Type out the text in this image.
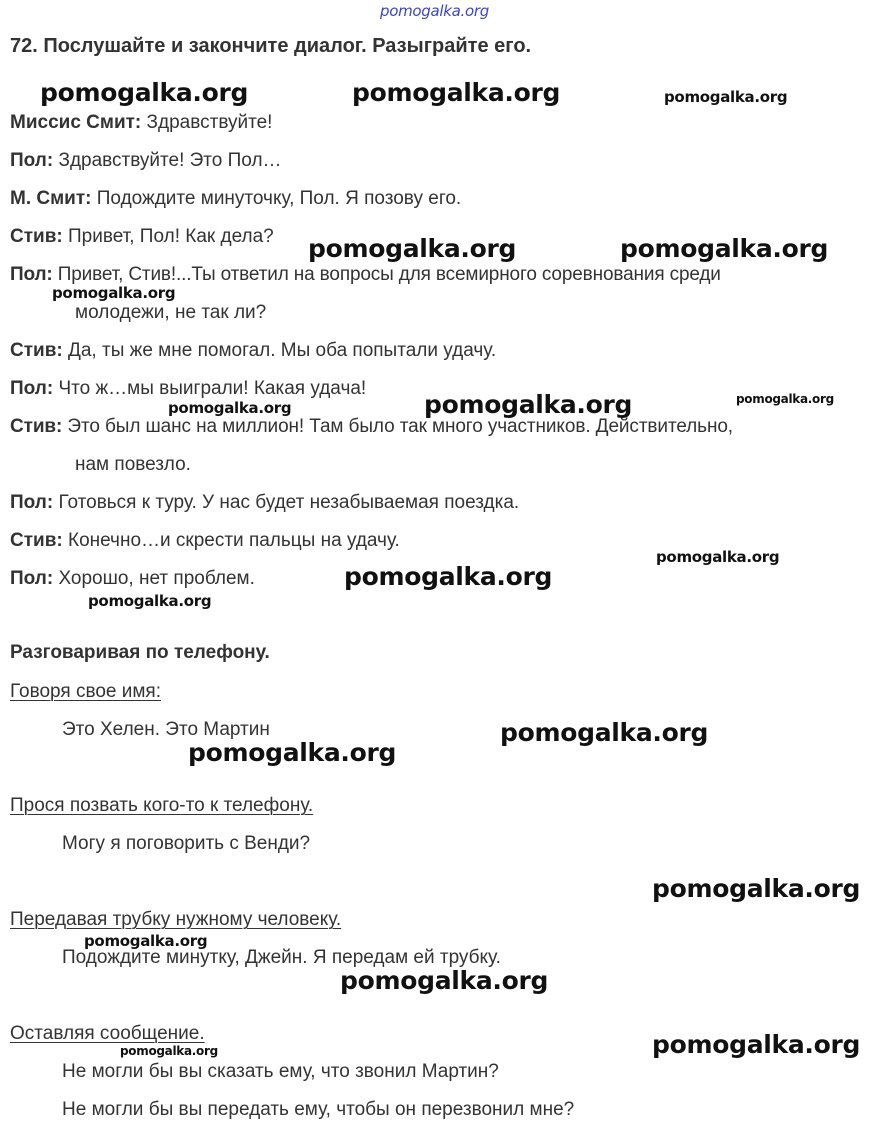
pomogalka.org
72. Послушайте и закончите диалог. Разыграйте его.
Миссис Смит: Здравствуйте!
Пол: Здравствуйте! Это Пол…
М. Смит: Подождите минуточку, Пол. Я позову его.
Стив: Привет, Пол! Как дела?
Пол: Привет, Стив!...Ты ответил на вопросы для всемирного соревнования среди
молодежи, не так ли?
Стив: Да, ты же мне помогал. Мы оба попытали удачу.
Пол: Что ж…мы выиграли! Какая удача!
Стив: Это был шанс на миллион! Там было так много участников. Действительно,
нам повезло.
Пол: Готовься к туру. У нас будет незабываемая поездка.
Стив: Конечно…и скрести пальцы на удачу.
Пол: Хорошо, нет проблем.
Разговаривая по телефону.
Говоря свое имя:
Это Хелен. Это Мартин
Прося позвать кого-то к телефону.
Могу я поговорить с Венди?
Передавая трубку нужному человеку.
Подождите минутку, Джейн. Я передам ей трубку.
Оставляя сообщение.
Не могли бы вы сказать ему, что звонил Мартин?
Не могли бы вы передать ему, чтобы он перезвонил мне?
pomogalka.org	pomogalka.org	pomogalka.org
pomogalka.org	pomogalka.org
pomogalka.org
pomogalka.org	pomogalka.org	pomogalka.org
pomogalka.org
pomogalka.org
pomogalka.org
pomogalka.org
pomogalka.org
pomogalka.org
pomogalka.org
pomogalka.org
pomogalka.org
pomogalka.org
